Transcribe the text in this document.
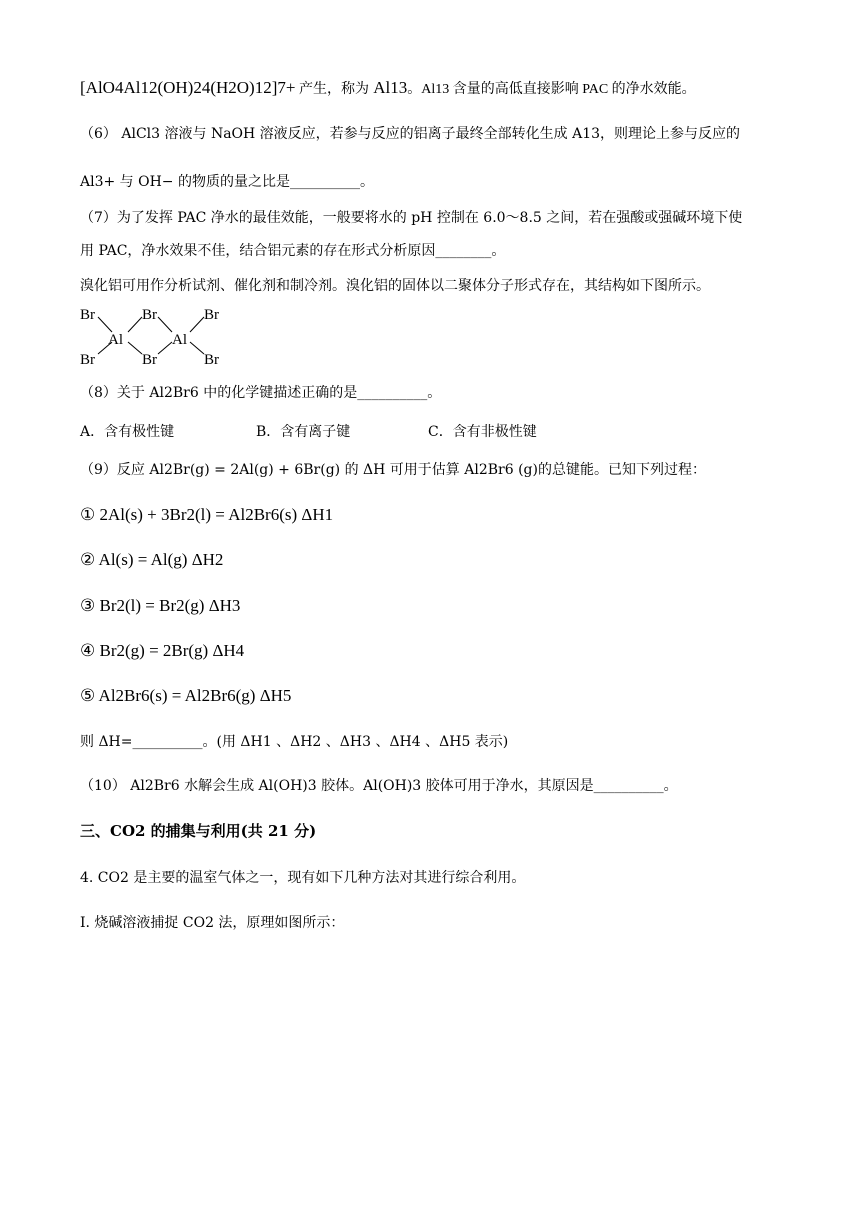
[AlO4Al12(OH)24(H2O)12]7+ 产生，称为 Al13。Al13 含量的高低直接影响 PAC 的净水效能。
（6） AlCl3 溶液与 NaOH 溶液反应，若参与反应的铝离子最终全部转化生成 A13，则理论上参与反应的
Al3+ 与 OH− 的物质的量之比是__________。
（7）为了发挥 PAC 净水的最佳效能，一般要将水的 pH 控制在 6.0～8.5 之间，若在强酸或强碱环境下使
用 PAC，净水效果不佳，结合铝元素的存在形式分析原因________。
溴化铝可用作分析试剂、催化剂和制冷剂。溴化铝的固体以二聚体分子形式存在，其结构如下图所示。
Br	Br	Br
Al	Al
Br	Br	Br
（8）关于 Al2Br6 中的化学键描述正确的是__________。
A．含有极性键	B．含有离子键	C．含有非极性键
（9）反应 Al2Br(g) = 2Al(g) + 6Br(g) 的 ΔH 可用于估算 Al2Br6 (g)的总键能。已知下列过程：
① 2Al(s) + 3Br2(l) = Al2Br6(s) ΔH1
② Al(s) = Al(g) ΔH2
③ Br2(l) = Br2(g) ΔH3
④ Br2(g) = 2Br(g) ΔH4
⑤ Al2Br6(s) = Al2Br6(g) ΔH5
则 ΔH=__________。(用 ΔH1 、ΔH2 、ΔH3 、ΔH4 、ΔH5 表示)
（10） Al2Br6 水解会生成 Al(OH)3 胶体。Al(OH)3 胶体可用于净水，其原因是__________。
三、CO2 的捕集与利用(共 21 分)
4. CO2 是主要的温室气体之一，现有如下几种方法对其进行综合利用。
Ⅰ. 烧碱溶液捕捉 CO2 法，原理如图所示：
